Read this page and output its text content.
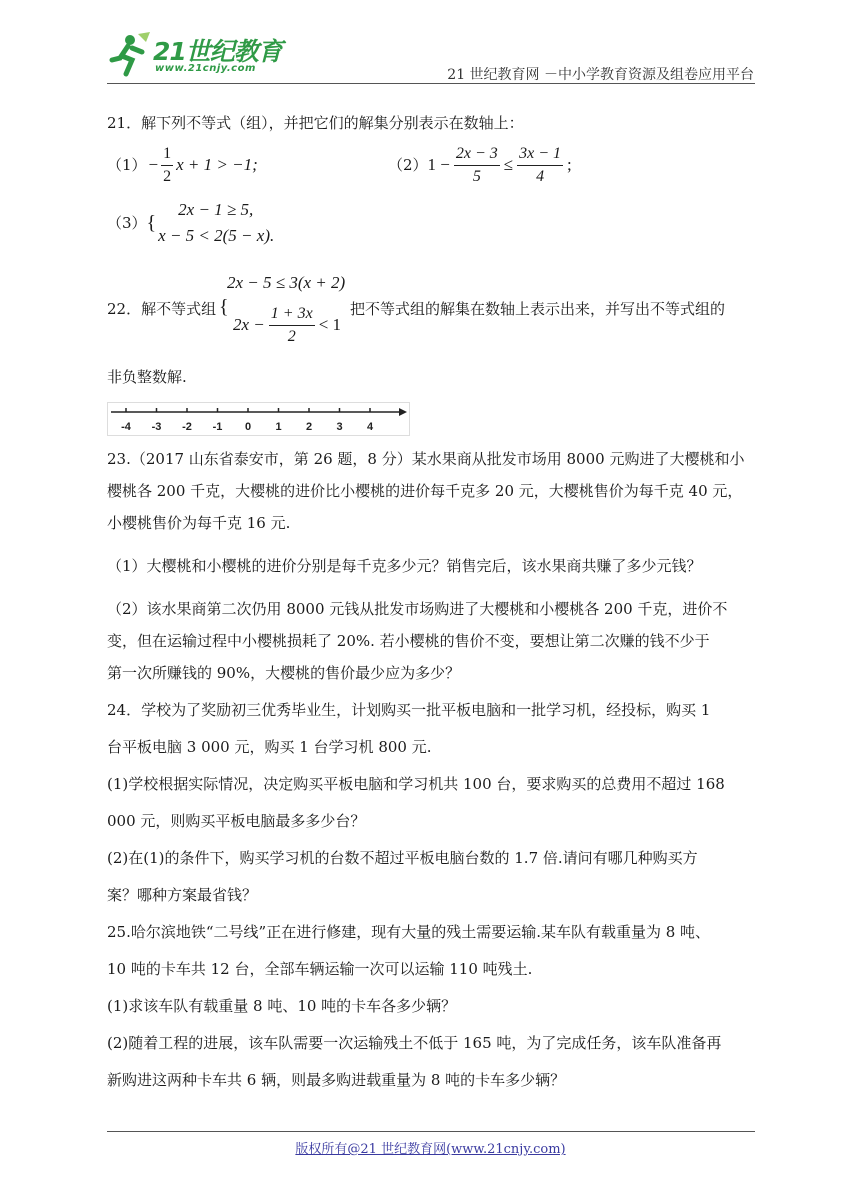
21世纪教育
www.21cnjy.com	21 世纪教育网 －中小学教育资源及组卷应用平台
21．解下列不等式（组），并把它们的解集分别表示在数轴上：
$(1) - \frac{1}{2}$ x + 1 > −1;	（2） $1 - \frac{2x - 3}{5} \le \frac{3x - 1}{4}$ ;
（3） {
2x − 1 ≥ 5,
x − 5 < 2(5 − x).
2x − 5 ≤ 3(x + 2)
22．解不等式组 {
$2x - \frac{1 + 3x}{2} < 1$
把不等式组的解集在数轴上表示出来，并写出不等式组的
非负整数解.
-4 -3 -2 -1 0 1 2 3 4
23.（2017 山东省泰安市，第 26 题，8 分）某水果商从批发市场用 8000 元购进了大樱桃和小
樱桃各 200 千克，大樱桃的进价比小樱桃的进价每千克多 20 元，大樱桃售价为每千克 40 元，
小樱桃售价为每千克 16 元.
（1）大樱桃和小樱桃的进价分别是每千克多少元？销售完后，该水果商共赚了多少元钱？
（2）该水果商第二次仍用 8000 元钱从批发市场购进了大樱桃和小樱桃各 200 千克，进价不
变，但在运输过程中小樱桃损耗了 20%. 若小樱桃的售价不变，要想让第二次赚的钱不少于
第一次所赚钱的 90%，大樱桃的售价最少应为多少？
24．学校为了奖励初三优秀毕业生，计划购买一批平板电脑和一批学习机，经投标，购买 1
台平板电脑 3 000 元，购买 1 台学习机 800 元.
(1)学校根据实际情况，决定购买平板电脑和学习机共 100 台，要求购买的总费用不超过 168
000 元，则购买平板电脑最多多少台？
(2)在(1)的条件下，购买学习机的台数不超过平板电脑台数的 1.7 倍.请问有哪几种购买方
案？哪种方案最省钱？
25.哈尔滨地铁“二号线”正在进行修建，现有大量的残土需要运输.某车队有载重量为 8 吨、
10 吨的卡车共 12 台，全部车辆运输一次可以运输 110 吨残土.
(1)求该车队有载重量 8 吨、10 吨的卡车各多少辆？
(2)随着工程的进展，该车队需要一次运输残土不低于 165 吨，为了完成任务，该车队准备再
新购进这两种卡车共 6 辆，则最多购进载重量为 8 吨的卡车多少辆？
版权所有@21 世纪教育网(www.21cnjy.com)
